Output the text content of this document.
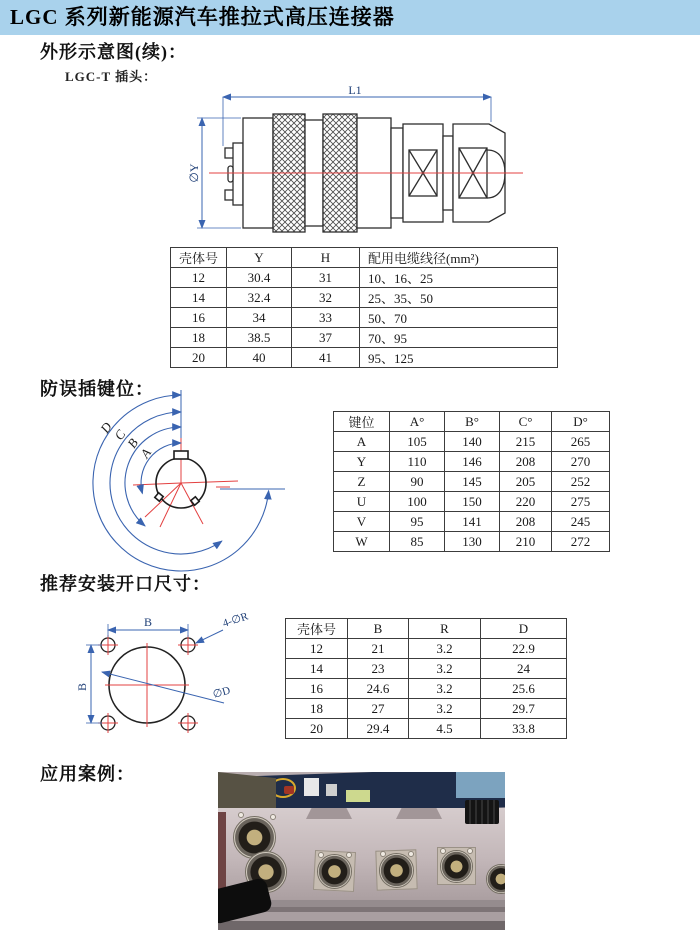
LGC 系列新能源汽车推拉式高压连接器
外形示意图(续)：
LGC-T 插头：
L1
∅Y
壳体号	Y	H	配用电缆线径(mm²)
12	30.4	31	10、16、25
14	32.4	32	25、35、50
16	34	33	50、70
18	38.5	37	70、95
20	40	41	95、125
防误插键位：
A
B
C
D	键位	A°	B°	C°	D°
A	105	140	215	265
Y	110	146	208	270
Z	90	145	205	252
U	100	150	220	275
V	95	141	208	245
W	85	130	210	272
推荐安装开口尺寸：
B
B
4-∅R
∅D
壳体号	B	R	D
12	21	3.2	22.9
14	23	3.2	24
16	24.6	3.2	25.6
18	27	3.2	29.7
20	29.4	4.5	33.8
应用案例：
